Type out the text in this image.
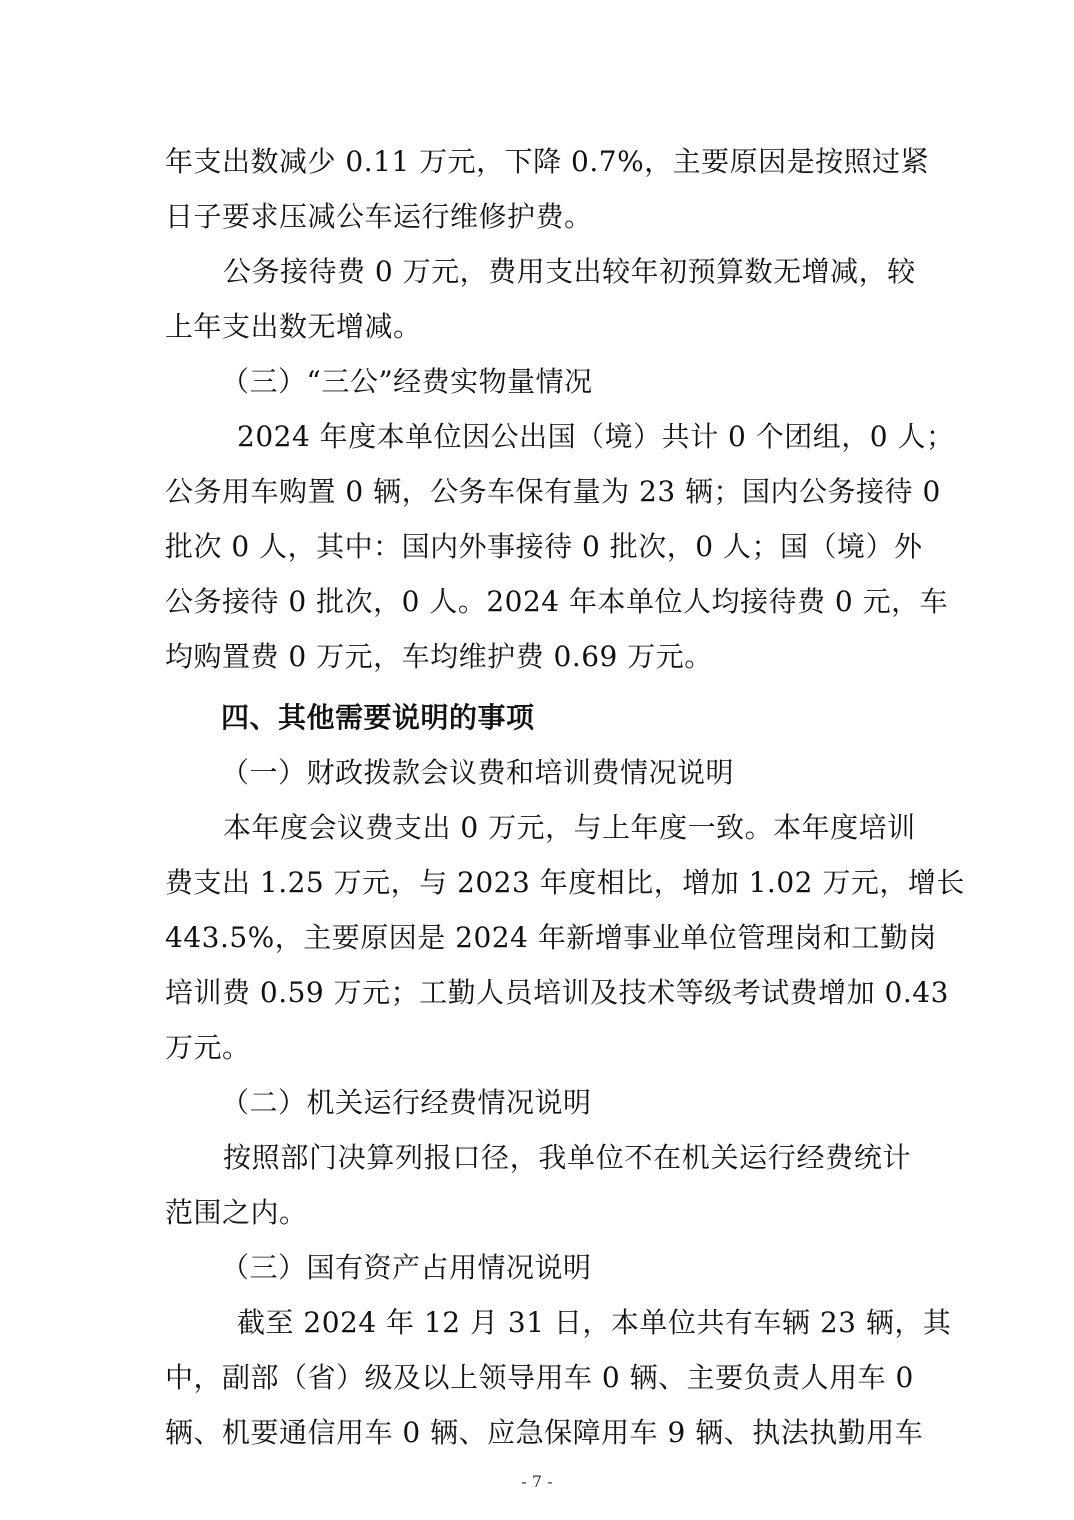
年支出数减少 0.11 万元，下降 0.7%，主要原因是按照过紧
日子要求压减公车运行维修护费。
公务接待费 0 万元，费用支出较年初预算数无增减，较
上年支出数无增减。
（三）“三公”经费实物量情况
2024 年度本单位因公出国（境）共计 0 个团组，0 人；
公务用车购置 0 辆，公务车保有量为 23 辆；国内公务接待 0
批次 0 人，其中：国内外事接待 0 批次，0 人；国（境）外
公务接待 0 批次，0 人。2024 年本单位人均接待费 0 元，车
均购置费 0 万元，车均维护费 0.69 万元。
四、其他需要说明的事项
（一）财政拨款会议费和培训费情况说明
本年度会议费支出 0 万元，与上年度一致。本年度培训
费支出 1.25 万元，与 2023 年度相比，增加 1.02 万元，增长
443.5%，主要原因是 2024 年新增事业单位管理岗和工勤岗
培训费 0.59 万元；工勤人员培训及技术等级考试费增加 0.43
万元。
（二）机关运行经费情况说明
按照部门决算列报口径，我单位不在机关运行经费统计
范围之内。
（三）国有资产占用情况说明
截至 2024 年 12 月 31 日，本单位共有车辆 23 辆，其
中，副部（省）级及以上领导用车 0 辆、主要负责人用车 0
辆、机要通信用车 0 辆、应急保障用车 9 辆、执法执勤用车
- 7 -
